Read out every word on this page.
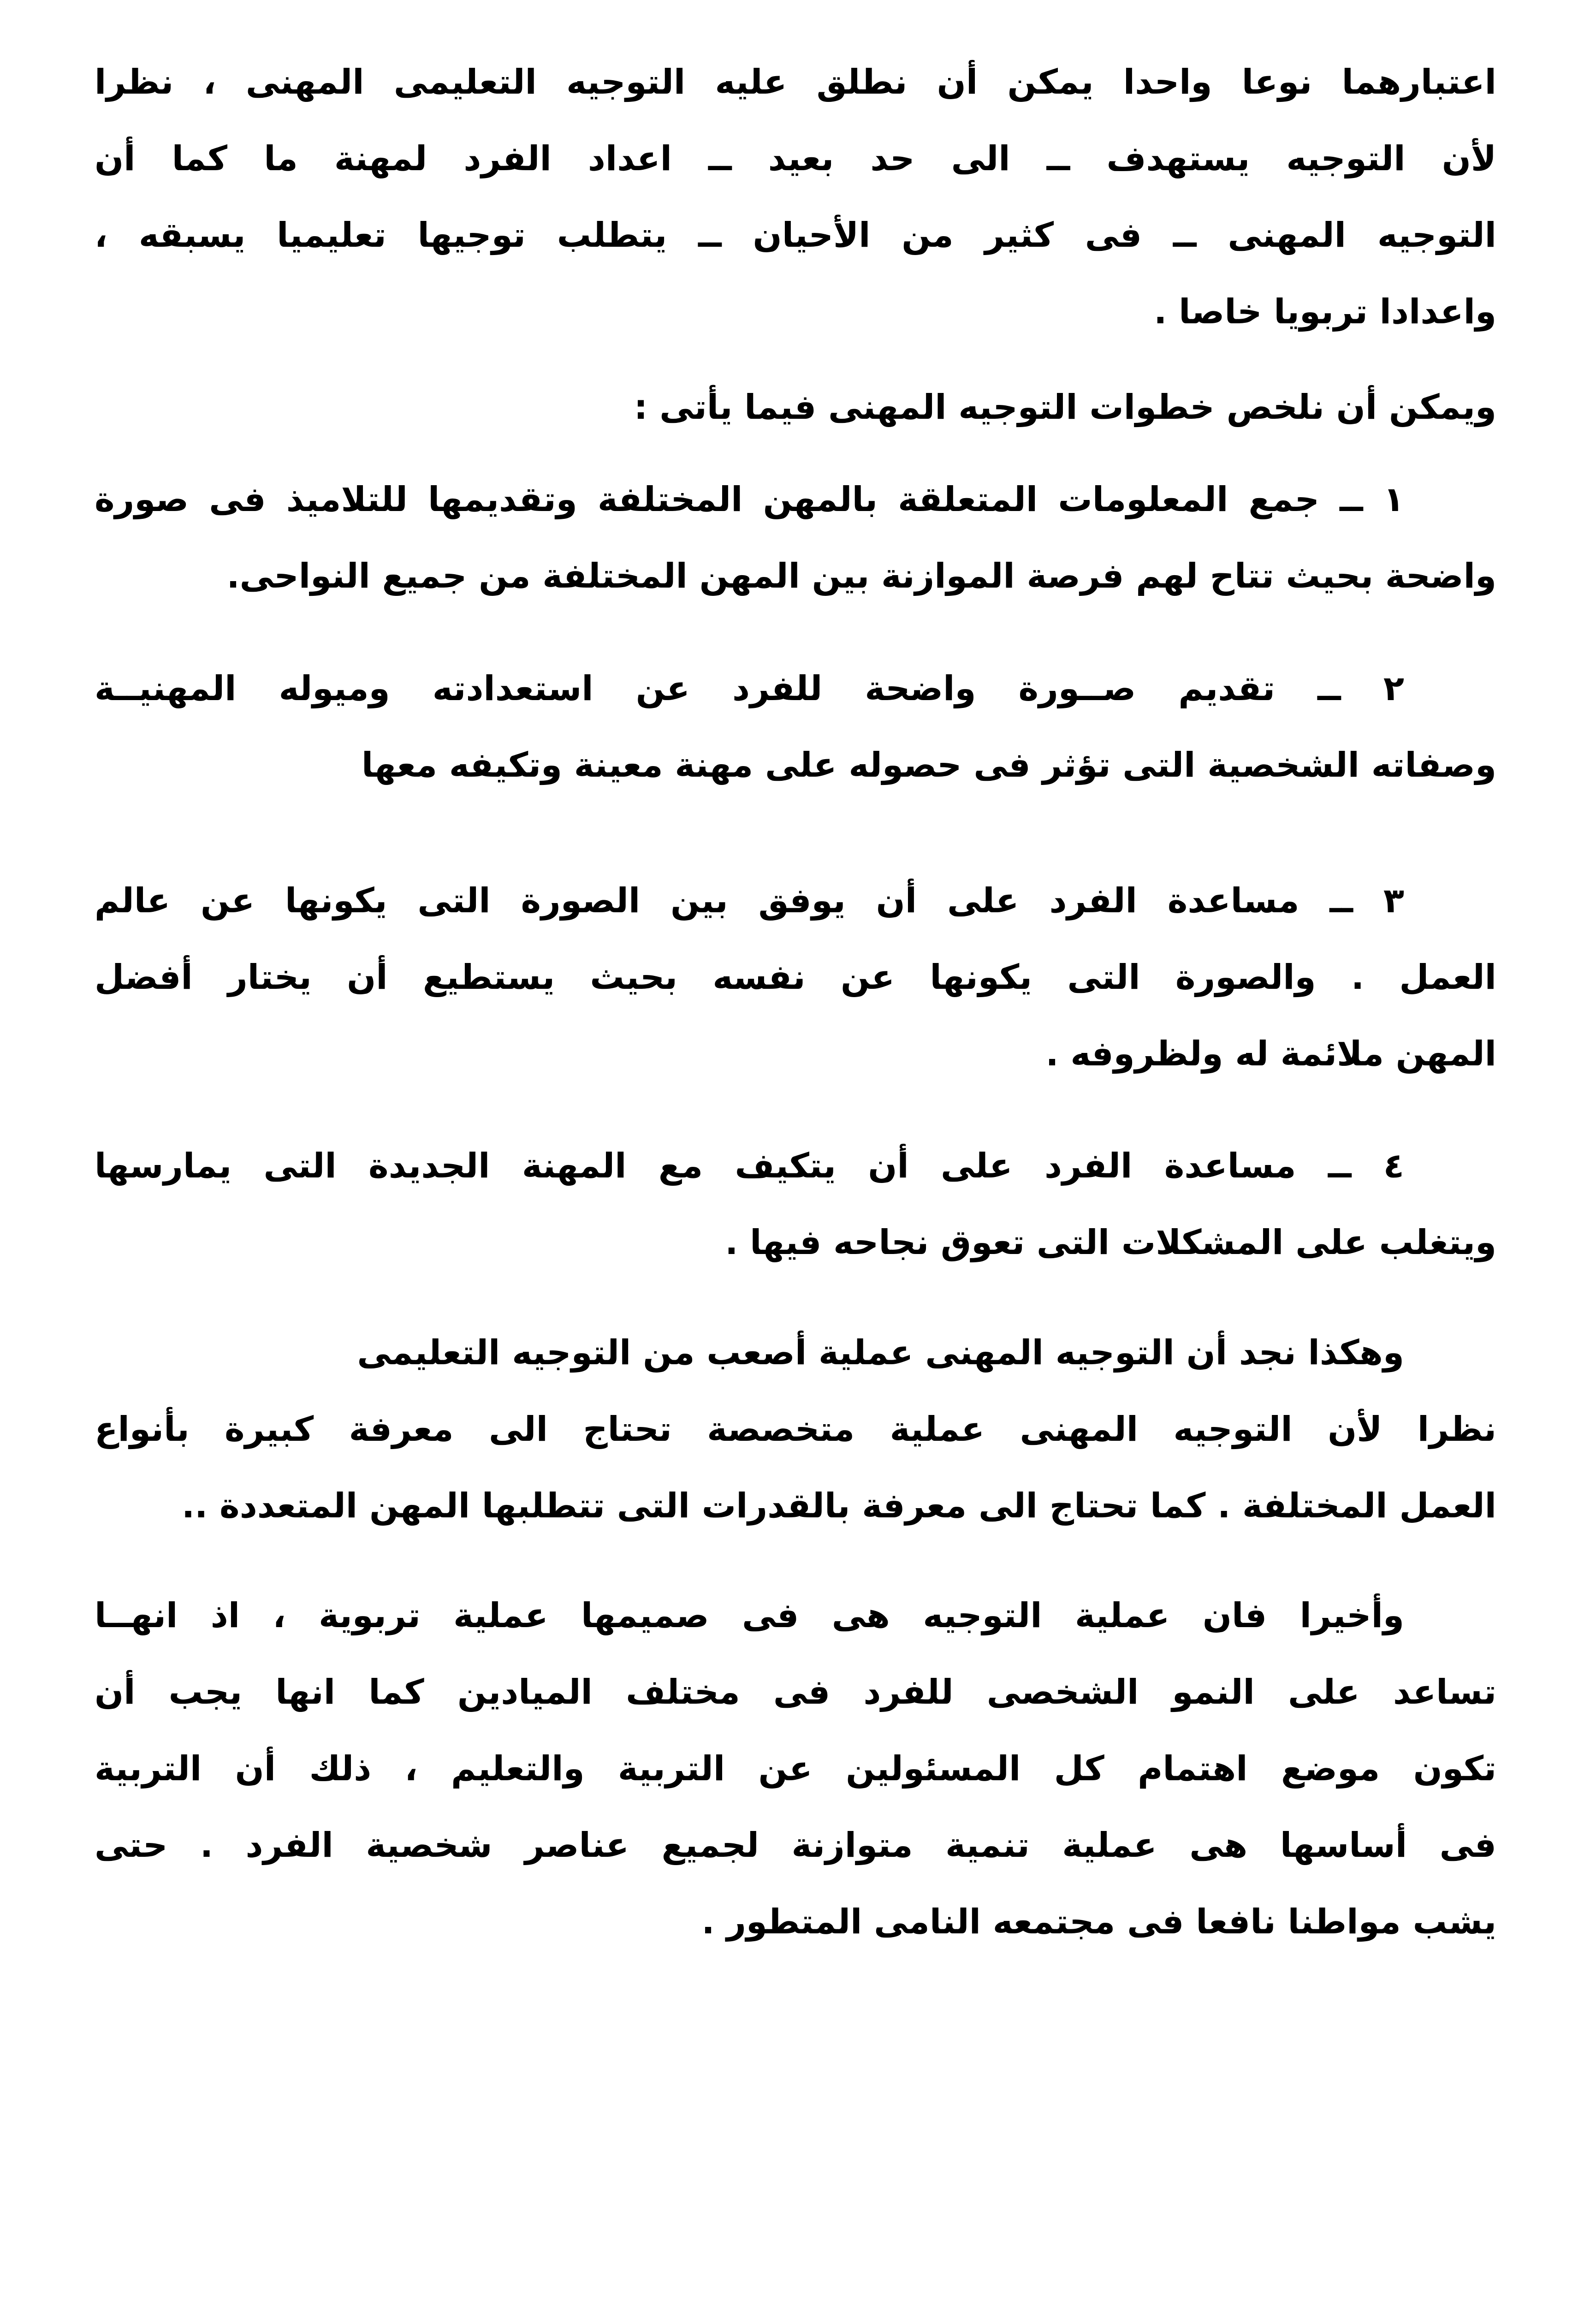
اعتبارهما نوعا واحدا يمكن أن نطلق عليه التوجيه التعليمى المهنى ، نظرا
لأن التوجيه يستهدف ــ الى حد بعيد ــ اعداد الفرد لمهنة ما كما أن
التوجيه المهنى ــ فى كثير من الأحيان ــ يتطلب توجيها تعليميا يسبقه ،
واعدادا تربويا خاصا .
ويمكن أن نلخص خطوات التوجيه المهنى فيما يأتى :
١ ــ جمع المعلومات المتعلقة بالمهن المختلفة وتقديمها للتلاميذ فى صورة
واضحة بحيث تتاح لهم فرصة الموازنة بين المهن المختلفة من جميع النواحى.
٢ ــ تقديم صــورة واضحة للفرد عن استعدادته وميوله المهنيــة
وصفاته الشخصية التى تؤثر فى حصوله على مهنة معينة وتكيفه معها
٣ ــ مساعدة الفرد على أن يوفق بين الصورة التى يكونها عن عالم
العمل . والصورة التى يكونها عن نفسه بحيث يستطيع أن يختار أفضل
المهن ملائمة له ولظروفه .
٤ ــ مساعدة الفرد على أن يتكيف مع المهنة الجديدة التى يمارسها
ويتغلب على المشكلات التى تعوق نجاحه فيها .
وهكذا نجد أن التوجيه المهنى عملية أصعب من التوجيه التعليمى
نظرا لأن التوجيه المهنى عملية متخصصة تحتاج الى معرفة كبيرة بأنواع
العمل المختلفة . كما تحتاج الى معرفة بالقدرات التى تتطلبها المهن المتعددة ..
وأخيرا فان عملية التوجيه هى فى صميمها عملية تربوية ، اذ انهــا
تساعد على النمو الشخصى للفرد فى مختلف الميادين كما انها يجب أن
تكون موضع اهتمام كل المسئولين عن التربية والتعليم ، ذلك أن التربية
فى أساسها هى عملية تنمية متوازنة لجميع عناصر شخصية الفرد . حتى
يشب مواطنا نافعا فى مجتمعه النامى المتطور .
